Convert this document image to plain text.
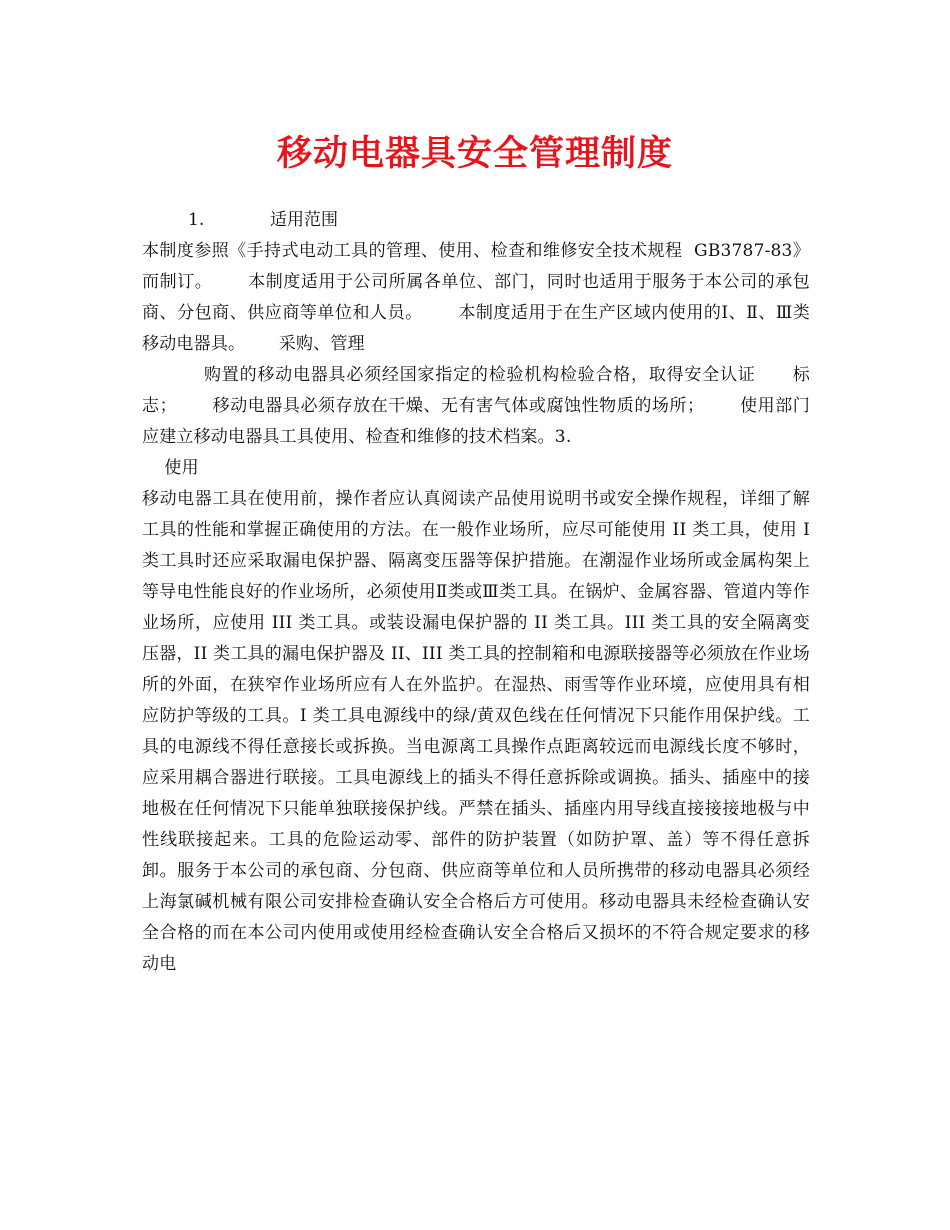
移动电器具安全管理制度
1.	适用范围
本制度参照《手持式电动工具的管理、使用、检查和维修安全技术规程  GB3787-83》而制订。      本制度适用于公司所属各单位、部门，同时也适用于服务于本公司的承包商、分包商、供应商等单位和人员。      本制度适用于在生产区域内使用的Ⅰ、Ⅱ、Ⅲ类移动电器具。      采购、管理
购置的移动电器具必须经国家指定的检验机构检验合格，取得安全认证      标志；      移动电器具必须存放在干燥、无有害气体或腐蚀性物质的场所；      使用部门应建立移动电器具工具使用、检查和维修的技术档案。3.
使用
移动电器工具在使用前，操作者应认真阅读产品使用说明书或安全操作规程，详细了解工具的性能和掌握正确使用的方法。在一般作业场所，应尽可能使用 II 类工具，使用 I 类工具时还应采取漏电保护器、隔离变压器等保护措施。在潮湿作业场所或金属构架上等导电性能良好的作业场所，必须使用Ⅱ类或Ⅲ类工具。在锅炉、金属容器、管道内等作业场所，应使用 III 类工具。或装设漏电保护器的 II 类工具。III 类工具的安全隔离变压器，II 类工具的漏电保护器及 II、III 类工具的控制箱和电源联接器等必须放在作业场所的外面，在狭窄作业场所应有人在外监护。在湿热、雨雪等作业环境，应使用具有相应防护等级的工具。I 类工具电源线中的绿/黄双色线在任何情况下只能作用保护线。工具的电源线不得任意接长或拆换。当电源离工具操作点距离较远而电源线长度不够时，应采用耦合器进行联接。工具电源线上的插头不得任意拆除或调换。插头、插座中的接地极在任何情况下只能单独联接保护线。严禁在插头、插座内用导线直接接接地极与中性线联接起来。工具的危险运动零、部件的防护装置（如防护罩、盖）等不得任意拆卸。服务于本公司的承包商、分包商、供应商等单位和人员所携带的移动电器具必须经上海氯碱机械有限公司安排检查确认安全合格后方可使用。移动电器具未经检查确认安全合格的而在本公司内使用或使用经检查确认安全合格后又损坏的不符合规定要求的移动电
